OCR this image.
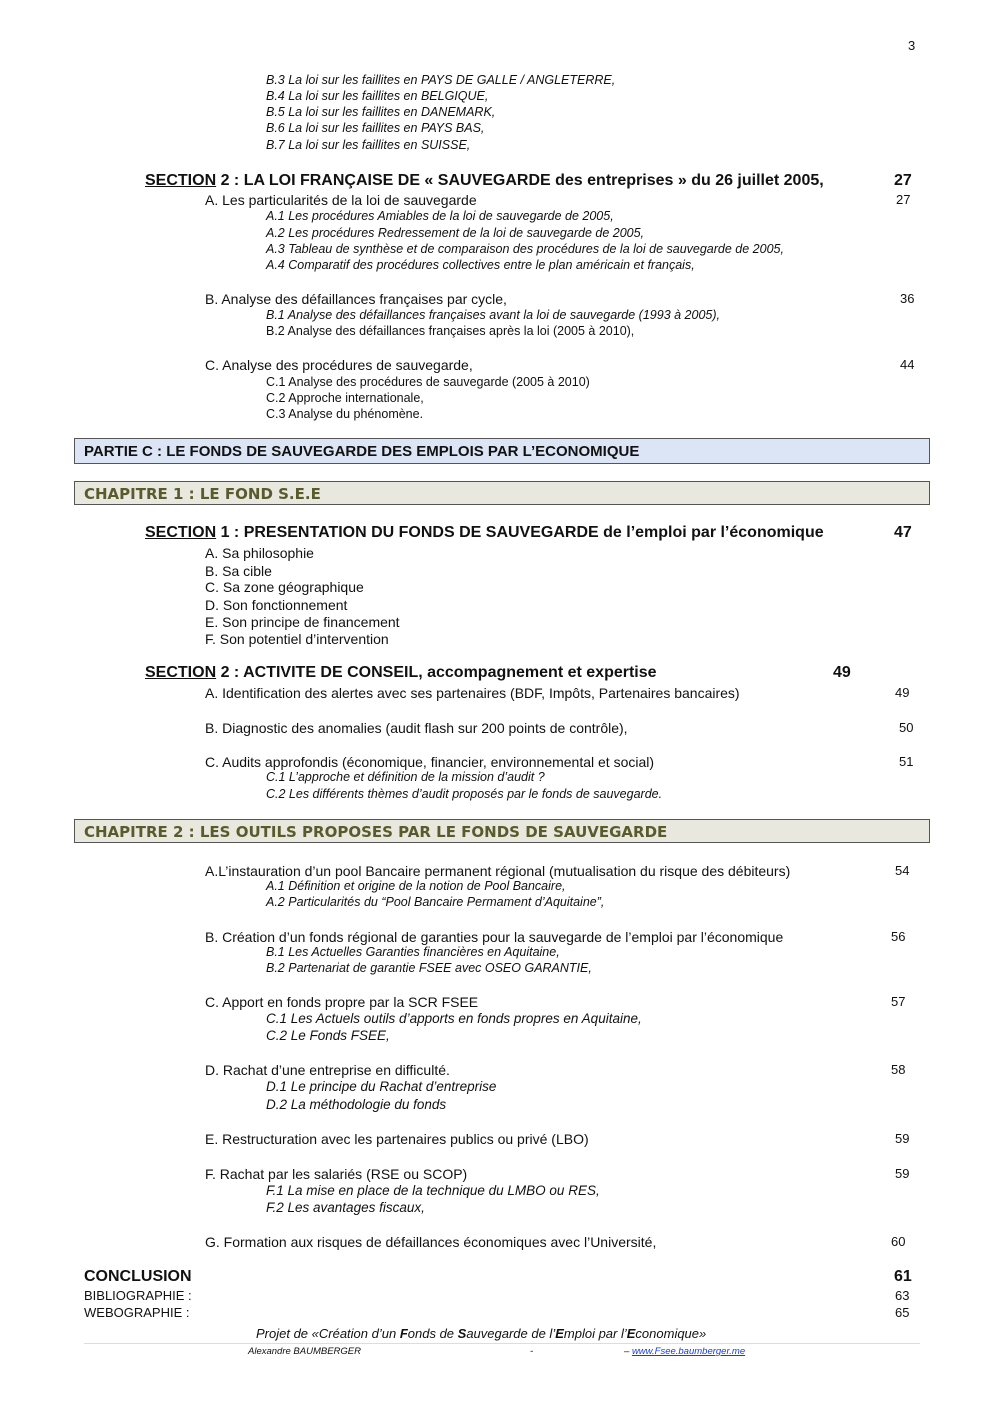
3
B.3 La loi sur les faillites en PAYS DE GALLE / ANGLETERRE,
B.4 La loi sur les faillites en BELGIQUE,
B.5 La loi sur les faillites en DANEMARK,
B.6 La loi sur les faillites en PAYS BAS,
B.7 La loi sur les faillites en SUISSE,
SECTION 2 : LA LOI FRANÇAISE DE « SAUVEGARDE des entreprises » du 26 juillet 2005,	27
A. Les particularités de la loi de sauvegarde	27
A.1 Les procédures Amiables de la loi de sauvegarde de 2005,
A.2 Les procédures Redressement de la loi de sauvegarde de 2005,
A.3 Tableau de synthèse et de comparaison des procédures de la loi de sauvegarde de 2005,
A.4 Comparatif des procédures collectives entre le plan américain et français,
B. Analyse des défaillances françaises par cycle,	36
B.1 Analyse des défaillances françaises avant la loi de sauvegarde (1993 à 2005),
B.2 Analyse des défaillances françaises après la loi (2005 à 2010),
C. Analyse des procédures de sauvegarde,	44
C.1 Analyse des procédures de sauvegarde (2005 à 2010)
C.2 Approche internationale,
C.3 Analyse du phénomène.
PARTIE C : LE FONDS DE SAUVEGARDE DES EMPLOIS PAR L’ECONOMIQUE
CHAPITRE 1 : LE FOND S.E.E
SECTION 1 : PRESENTATION DU FONDS DE SAUVEGARDE de l’emploi par l’économique	47
A. Sa philosophie
B. Sa cible
C. Sa zone géographique
D. Son fonctionnement
E. Son principe de financement
F. Son potentiel d’intervention
SECTION 2 : ACTIVITE DE CONSEIL, accompagnement et expertise	49
A. Identification des alertes avec ses partenaires (BDF, Impôts, Partenaires bancaires)	49
B. Diagnostic des anomalies (audit flash sur 200 points de contrôle),	50
C. Audits approfondis (économique, financier, environnemental et social)	51
C.1 L’approche et définition de la mission d’audit ?
C.2 Les différents thèmes d’audit proposés par le fonds de sauvegarde.
CHAPITRE 2 : LES OUTILS PROPOSES PAR LE FONDS DE SAUVEGARDE
A.L’instauration d’un pool Bancaire permanent régional (mutualisation du risque des débiteurs)	54
A.1 Définition et origine de la notion de Pool Bancaire,
A.2 Particularités du “Pool Bancaire Permament d’Aquitaine”,
B. Création d’un fonds régional de garanties pour la sauvegarde de l’emploi par l’économique	56
B.1 Les Actuelles Garanties financières en Aquitaine,
B.2 Partenariat de garantie FSEE avec OSEO GARANTIE,
C. Apport en fonds propre par la SCR FSEE	57
C.1 Les Actuels outils d’apports en fonds propres en Aquitaine,
C.2 Le Fonds FSEE,
D. Rachat d’une entreprise en difficulté.	58
D.1 Le principe du Rachat d’entreprise
D.2 La méthodologie du fonds
E. Restructuration avec les partenaires publics ou privé (LBO)	59
F. Rachat par les salariés (RSE ou SCOP)	59
F.1 La mise en place de la technique du LMBO ou RES,
F.2 Les avantages fiscaux,
G. Formation aux risques de défaillances économiques avec l’Université,	60
CONCLUSION	61
BIBLIOGRAPHIE :	63
WEBOGRAPHIE :	65
Projet de «Création d’un Fonds de Sauvegarde de l’Emploi par l’Economique»
Alexandre BAUMBERGER	-	– www.Fsee.baumberger.me
